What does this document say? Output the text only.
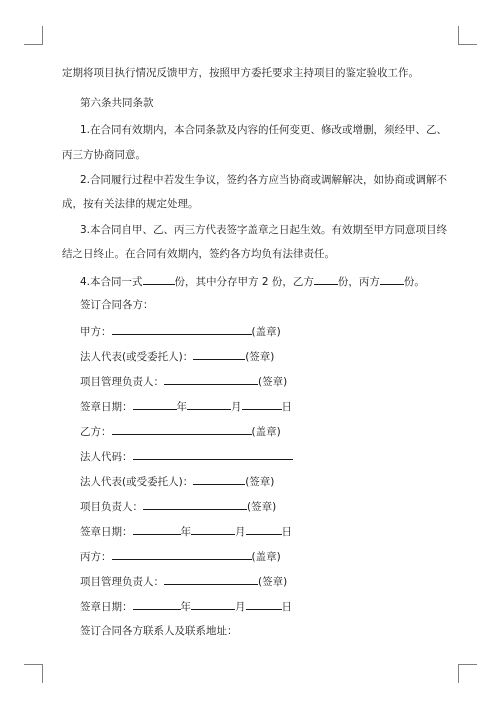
定期将项目执行情况反馈甲方，按照甲方委托要求主持项目的鉴定验收工作。
第六条共同条款
1.在合同有效期内，本合同条款及内容的任何变更、修改或增删，须经甲、乙、
丙三方协商同意。
2.合同履行过程中若发生争议，签约各方应当协商或调解解决，如协商或调解不
成，按有关法律的规定处理。
3.本合同自甲、乙、丙三方代表签字盖章之日起生效。有效期至甲方同意项目终
结之日终止。在合同有效期内，签约各方均负有法律责任。
4.本合同一式	份，其中分存甲方 2 份，乙方 份，丙方 份。
签订合同各方：
甲方：	(盖章)
法人代表(或受委托人)：	(签章)
项目管理负责人：	(签章)
签章日期：	年	月	日
乙方：	(盖章)
法人代码：
法人代表(或受委托人)：	(签章)
项目负责人：	(签章)
签章日期：	年	月	日
丙方：	(盖章)
项目管理负责人：	(签章)
签章日期：	年	月	日
签订合同各方联系人及联系地址：
